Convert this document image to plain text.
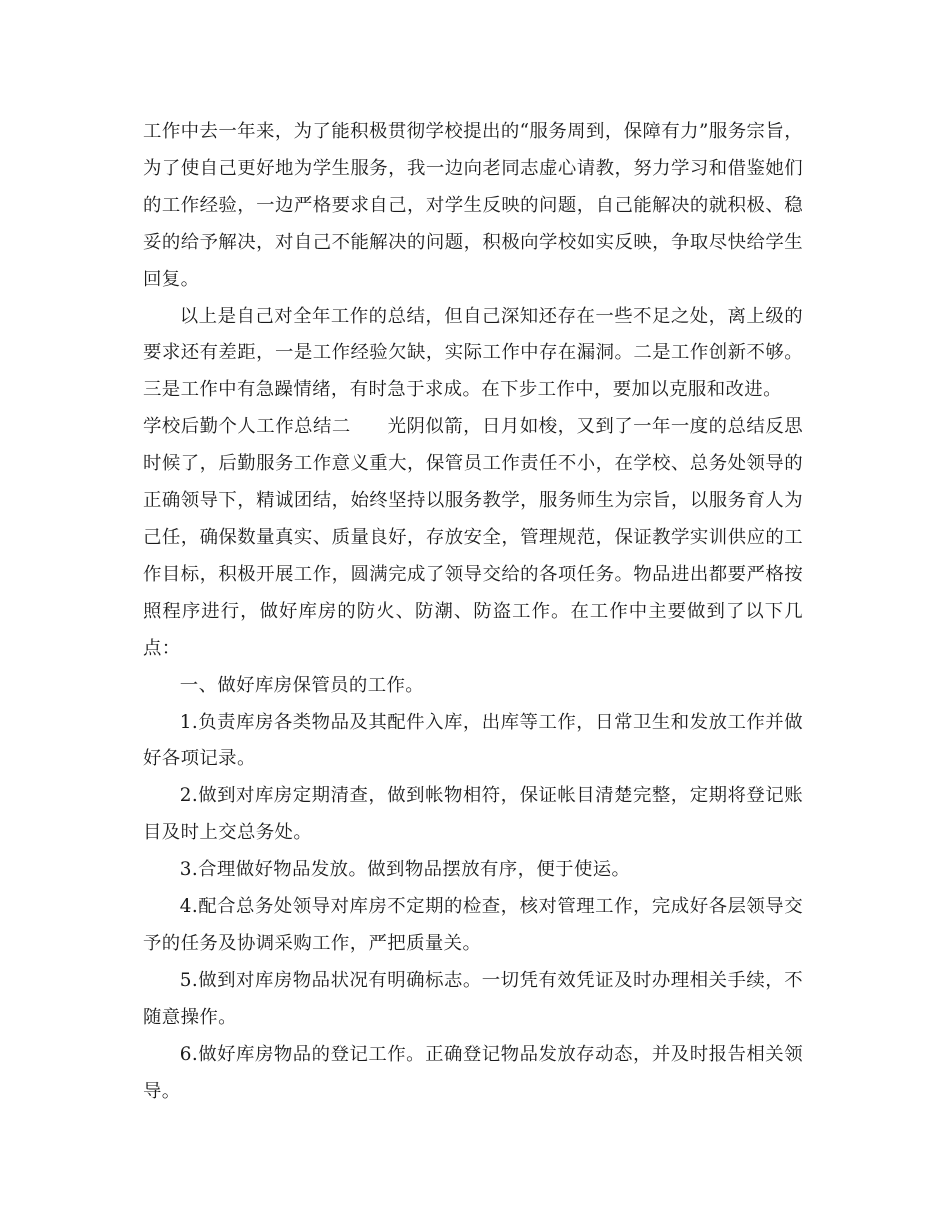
工作中去一年来，为了能积极贯彻学校提出的“服务周到，保障有力”服务宗旨，为了使自己更好地为学生服务，我一边向老同志虚心请教，努力学习和借鉴她们的工作经验，一边严格要求自己，对学生反映的问题，自己能解决的就积极、稳妥的给予解决，对自己不能解决的问题，积极向学校如实反映，争取尽快给学生回复。

以上是自己对全年工作的总结，但自己深知还存在一些不足之处，离上级的要求还有差距，一是工作经验欠缺，实际工作中存在漏洞。二是工作创新不够。三是工作中有急躁情绪，有时急于求成。在下步工作中，要加以克服和改进。

学校后勤个人工作总结二 光阴似箭，日月如梭，又到了一年一度的总结反思时候了，后勤服务工作意义重大，保管员工作责任不小，在学校、总务处领导的正确领导下，精诚团结，始终坚持以服务教学，服务师生为宗旨，以服务育人为己任，确保数量真实、质量良好，存放安全，管理规范，保证教学实训供应的工作目标，积极开展工作，圆满完成了领导交给的各项任务。物品进出都要严格按照程序进行，做好库房的防火、防潮、防盗工作。在工作中主要做到了以下几点：

一、做好库房保管员的工作。

1.负责库房各类物品及其配件入库，出库等工作，日常卫生和发放工作并做好各项记录。

2.做到对库房定期清查，做到帐物相符，保证帐目清楚完整，定期将登记账目及时上交总务处。

3.合理做好物品发放。做到物品摆放有序，便于使运。

4.配合总务处领导对库房不定期的检查，核对管理工作，完成好各层领导交予的任务及协调采购工作，严把质量关。

5.做到对库房物品状况有明确标志。一切凭有效凭证及时办理相关手续，不随意操作。

6.做好库房物品的登记工作。正确登记物品发放存动态，并及时报告相关领导。
